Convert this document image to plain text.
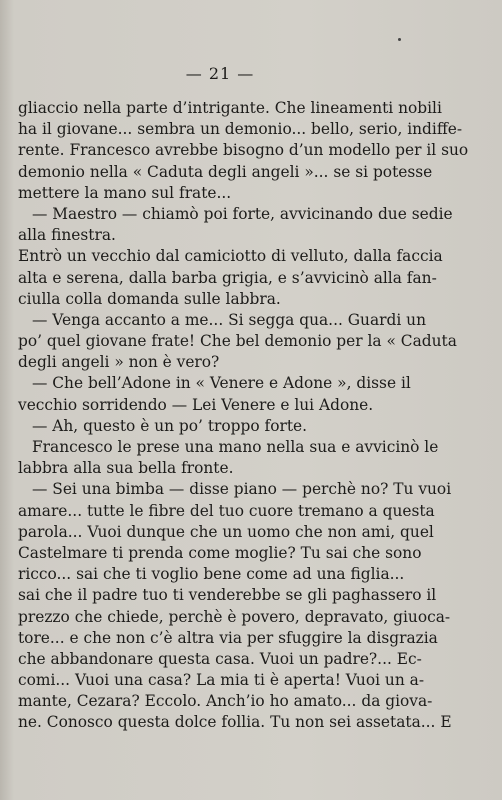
— 21 —
gliaccio nella parte d’intrigante. Che lineamenti nobili
ha il giovane... sembra un demonio... bello, serio, indiffe-
rente. Francesco avrebbe bisogno d’un modello per il suo
demonio nella « Caduta degli angeli »... se si potesse
mettere la mano sul frate...
— Maestro — chiamò poi forte, avvicinando due sedie
alla finestra.
Entrò un vecchio dal camiciotto di velluto, dalla faccia
alta e serena, dalla barba grigia, e s’avvicinò alla fan-
ciulla colla domanda sulle labbra.
— Venga accanto a me... Si segga qua... Guardi un
po’ quel giovane frate! Che bel demonio per la « Caduta
degli angeli » non è vero?
— Che bell’Adone in « Venere e Adone », disse il
vecchio sorridendo — Lei Venere e lui Adone.
— Ah, questo è un po’ troppo forte.
Francesco le prese una mano nella sua e avvicinò le
labbra alla sua bella fronte.
— Sei una bimba — disse piano — perchè no? Tu vuoi
amare... tutte le fibre del tuo cuore tremano a questa
parola... Vuoi dunque che un uomo che non ami, quel
Castelmare ti prenda come moglie? Tu sai che sono
ricco... sai che ti voglio bene come ad una figlia...
sai che il padre tuo ti venderebbe se gli paghassero il
prezzo che chiede, perchè è povero, depravato, giuoca-
tore... e che non c’è altra via per sfuggire la disgrazia
che abbandonare questa casa. Vuoi un padre?... Ec-
comi... Vuoi una casa? La mia ti è aperta! Vuoi un a-
mante, Cezara? Eccolo. Anch’io ho amato... da giova-
ne. Conosco questa dolce follia. Tu non sei assetata... E
